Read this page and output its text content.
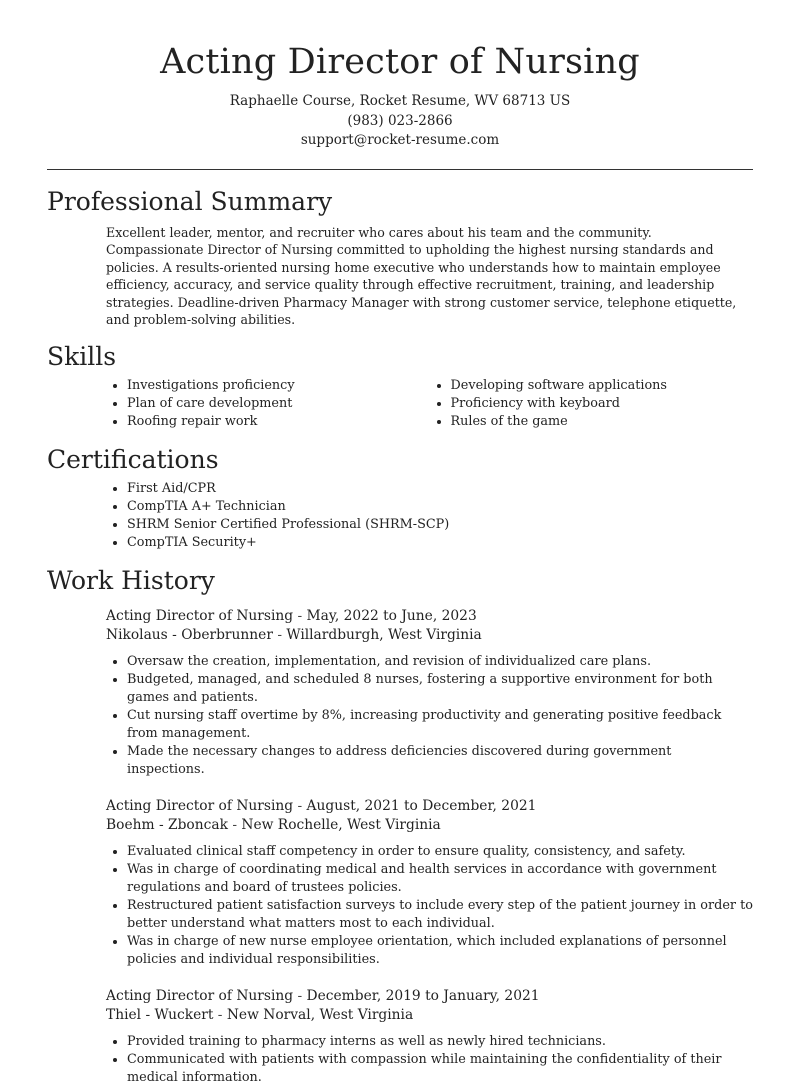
Acting Director of Nursing
Raphaelle Course, Rocket Resume, WV 68713 US
(983) 023-2866
support@rocket-resume.com
Professional Summary
Excellent leader, mentor, and recruiter who cares about his team and the community. Compassionate Director of Nursing committed to upholding the highest nursing standards and policies. A results-oriented nursing home executive who understands how to maintain employee efficiency, accuracy, and service quality through effective recruitment, training, and leadership strategies. Deadline-driven Pharmacy Manager with strong customer service, telephone etiquette, and problem-solving abilities.
Skills
• Investigations proficiency
• Plan of care development
• Roofing repair work
• Developing software applications
• Proficiency with keyboard
• Rules of the game
Certifications
• First Aid/CPR
• CompTIA A+ Technician
• SHRM Senior Certified Professional (SHRM-SCP)
• CompTIA Security+
Work History
Acting Director of Nursing - May, 2022 to June, 2023
Nikolaus - Oberbrunner - Willardburgh, West Virginia
• Oversaw the creation, implementation, and revision of individualized care plans.
• Budgeted, managed, and scheduled 8 nurses, fostering a supportive environment for both games and patients.
• Cut nursing staff overtime by 8%, increasing productivity and generating positive feedback from management.
• Made the necessary changes to address deficiencies discovered during government inspections.
Acting Director of Nursing - August, 2021 to December, 2021
Boehm - Zboncak - New Rochelle, West Virginia
• Evaluated clinical staff competency in order to ensure quality, consistency, and safety.
• Was in charge of coordinating medical and health services in accordance with government regulations and board of trustees policies.
• Restructured patient satisfaction surveys to include every step of the patient journey in order to better understand what matters most to each individual.
• Was in charge of new nurse employee orientation, which included explanations of personnel policies and individual responsibilities.
Acting Director of Nursing - December, 2019 to January, 2021
Thiel - Wuckert - New Norval, West Virginia
• Provided training to pharmacy interns as well as newly hired technicians.
• Communicated with patients with compassion while maintaining the confidentiality of their medical information.
